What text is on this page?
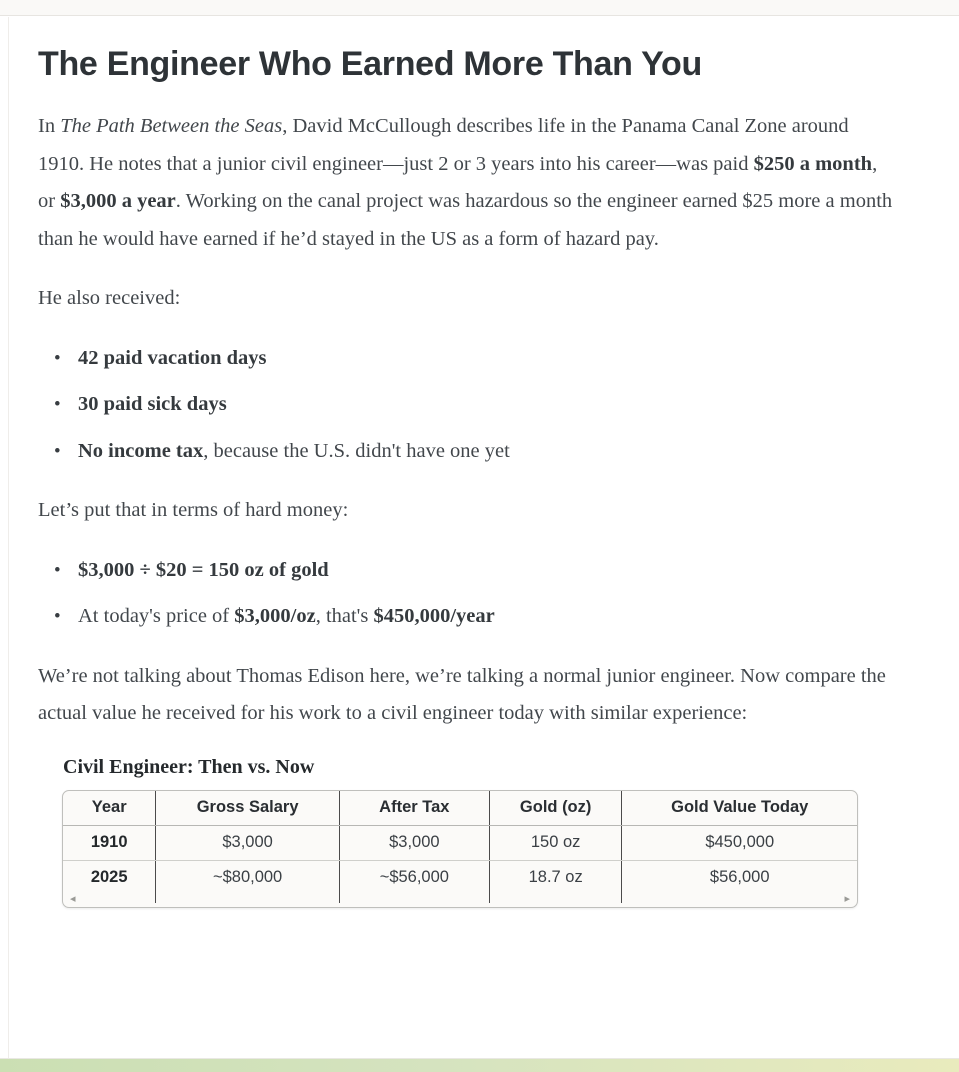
The Engineer Who Earned More Than You

In The Path Between the Seas, David McCullough describes life in the Panama Canal Zone around 1910. He notes that a junior civil engineer—just 2 or 3 years into his career—was paid $250 a month, or $3,000 a year. Working on the canal project was hazardous so the engineer earned $25 more a month than he would have earned if he’d stayed in the US as a form of hazard pay.

He also received:

• 42 paid vacation days
• 30 paid sick days
• No income tax, because the U.S. didn't have one yet

Let’s put that in terms of hard money:

• $3,000 ÷ $20 = 150 oz of gold
• At today's price of $3,000/oz, that's $450,000/year

We’re not talking about Thomas Edison here, we’re talking a normal junior engineer. Now compare the actual value he received for his work to a civil engineer today with similar experience:

Civil Engineer: Then vs. Now
Year	Gross Salary	After Tax	Gold (oz)	Gold Value Today
1910	$3,000	$3,000	150 oz	$450,000
2025	~$80,000	~$56,000	18.7 oz	$56,000
◂	▸
